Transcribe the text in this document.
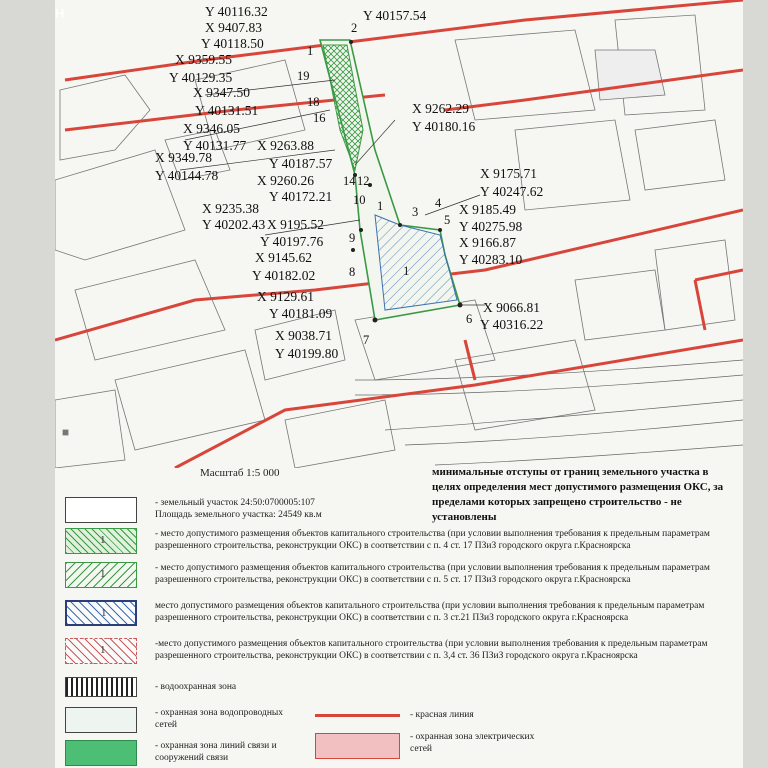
Н
1
Y 40116.32
X 9407.83
Y 40157.54
Y 40118.50
X 9359.55
Y 40129.35
X 9347.50
Y 40131.51
X 9346.05
Y 40131.77
X 9349.78
Y 40144.78
X 9262.29
Y 40180.16
X 9263.88
Y 40187.57
X 9260.26
Y 40172.21
X 9175.71
Y 40247.62
X 9235.38
Y 40202.43 X 9195.52
X 9185.49
Y 40275.98
Y 40197.76	X 9166.87
X 9145.62	Y 40283.10
Y 40182.02
X 9129.61
X 9066.81
Y 40181.09
Y 40316.22
X 9038.71
Y 40199.80
2
1
19
18
16
14 12
10
3
4
5
9
8
7
6
1
Масштаб 1:5 000	минимальные отступы от границ земельного участка в целях определения мест допустимого размещения ОКС, за пределами которых запрещено строительство - не установлены
- земельный участок 24:50:0700005:107
Площадь земельного участка: 24549 кв.м
1	- место допустимого размещения объектов капитального строительства (при условии выполнения требования к предельным параметрам разрешенного строительства, реконструкции ОКС) в соответствии с п. 4 ст. 17 ПЗиЗ городского округа г.Красноярска
1	- место допустимого размещения объектов капитального строительства (при условии выполнения требования к предельным параметрам разрешенного строительства, реконструкции ОКС) в соответствии с п. 5 ст. 17 ПЗиЗ городского округа г.Красноярска
1
место допустимого размещения объектов капитального строительства (при условии выполнения требования к предельным параметрам разрешенного строительства, реконструкции ОКС) в соответствии с п. 3 ст.21 ПЗиЗ городского округа г.Красноярска
1	-место допустимого размещения объектов капитального строительства (при условии выполнения требования к предельным параметрам разрешенного строительства, реконструкции ОКС) в соответствии с п. 3,4 ст. 36 ПЗиЗ городского округа г.Красноярска
- водоохранная зона
- охранная зона водопроводных сетей
- красная линия
- охранная зона линий связи и сооружений связи
- охранная зона электрических сетей
